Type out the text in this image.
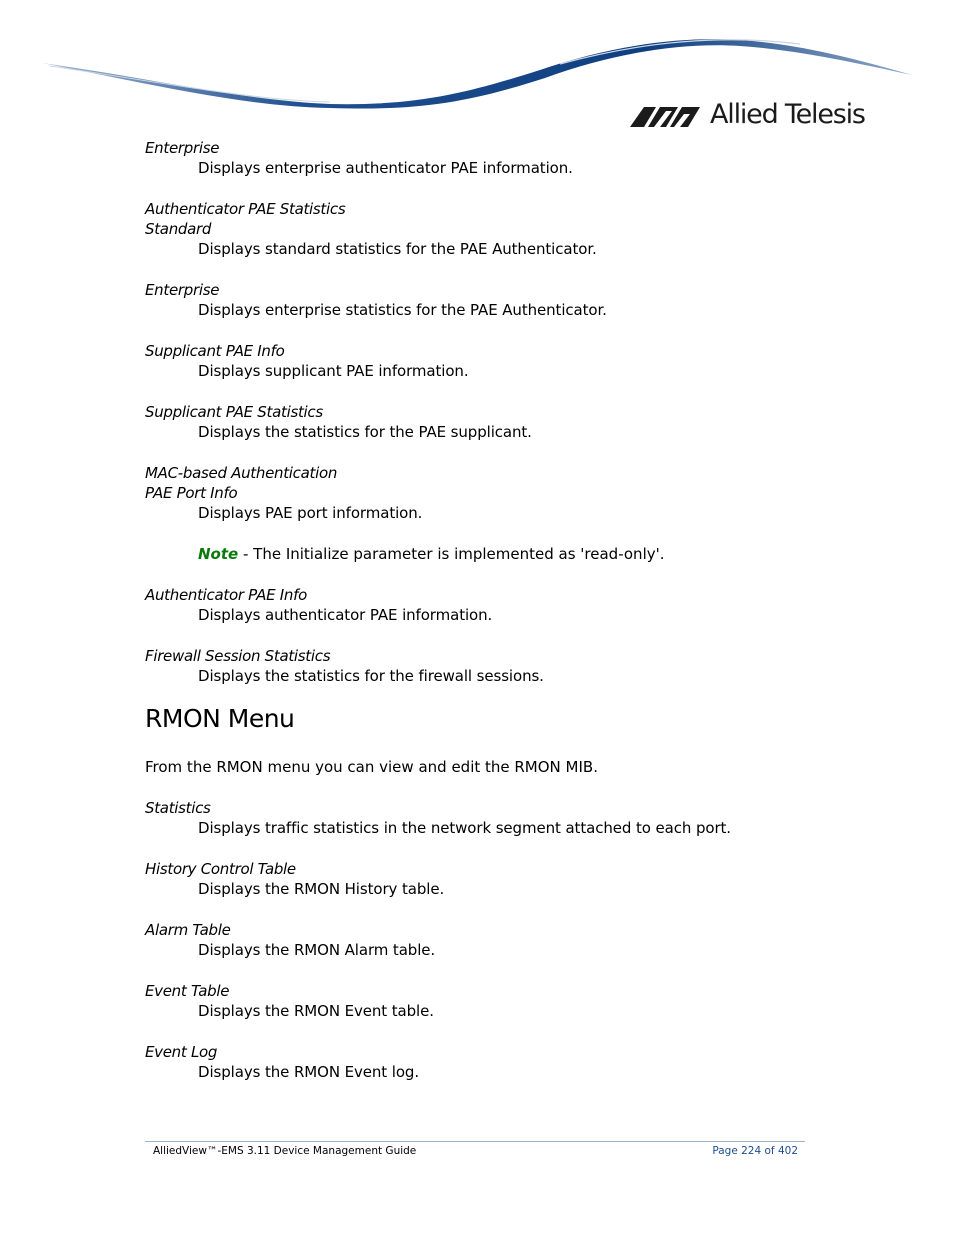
Allied Telesis

Enterprise

Displays enterprise authenticator PAE information.

Authenticator PAE Statistics

Standard

Displays standard statistics for the PAE Authenticator.

Enterprise

Displays enterprise statistics for the PAE Authenticator.

Supplicant PAE Info

Displays supplicant PAE information.

Supplicant PAE Statistics

Displays the statistics for the PAE supplicant.

MAC-based Authentication

PAE Port Info

Displays PAE port information.

Note - The Initialize parameter is implemented as 'read-only'.

Authenticator PAE Info

Displays authenticator PAE information.

Firewall Session Statistics

Displays the statistics for the firewall sessions.

RMON Menu

From the RMON menu you can view and edit the RMON MIB.

Statistics

Displays traffic statistics in the network segment attached to each port.

History Control Table

Displays the RMON History table.

Alarm Table

Displays the RMON Alarm table.

Event Table

Displays the RMON Event table.

Event Log

Displays the RMON Event log.

AlliedView™-EMS 3.11 Device Management Guide	Page 224 of 402
